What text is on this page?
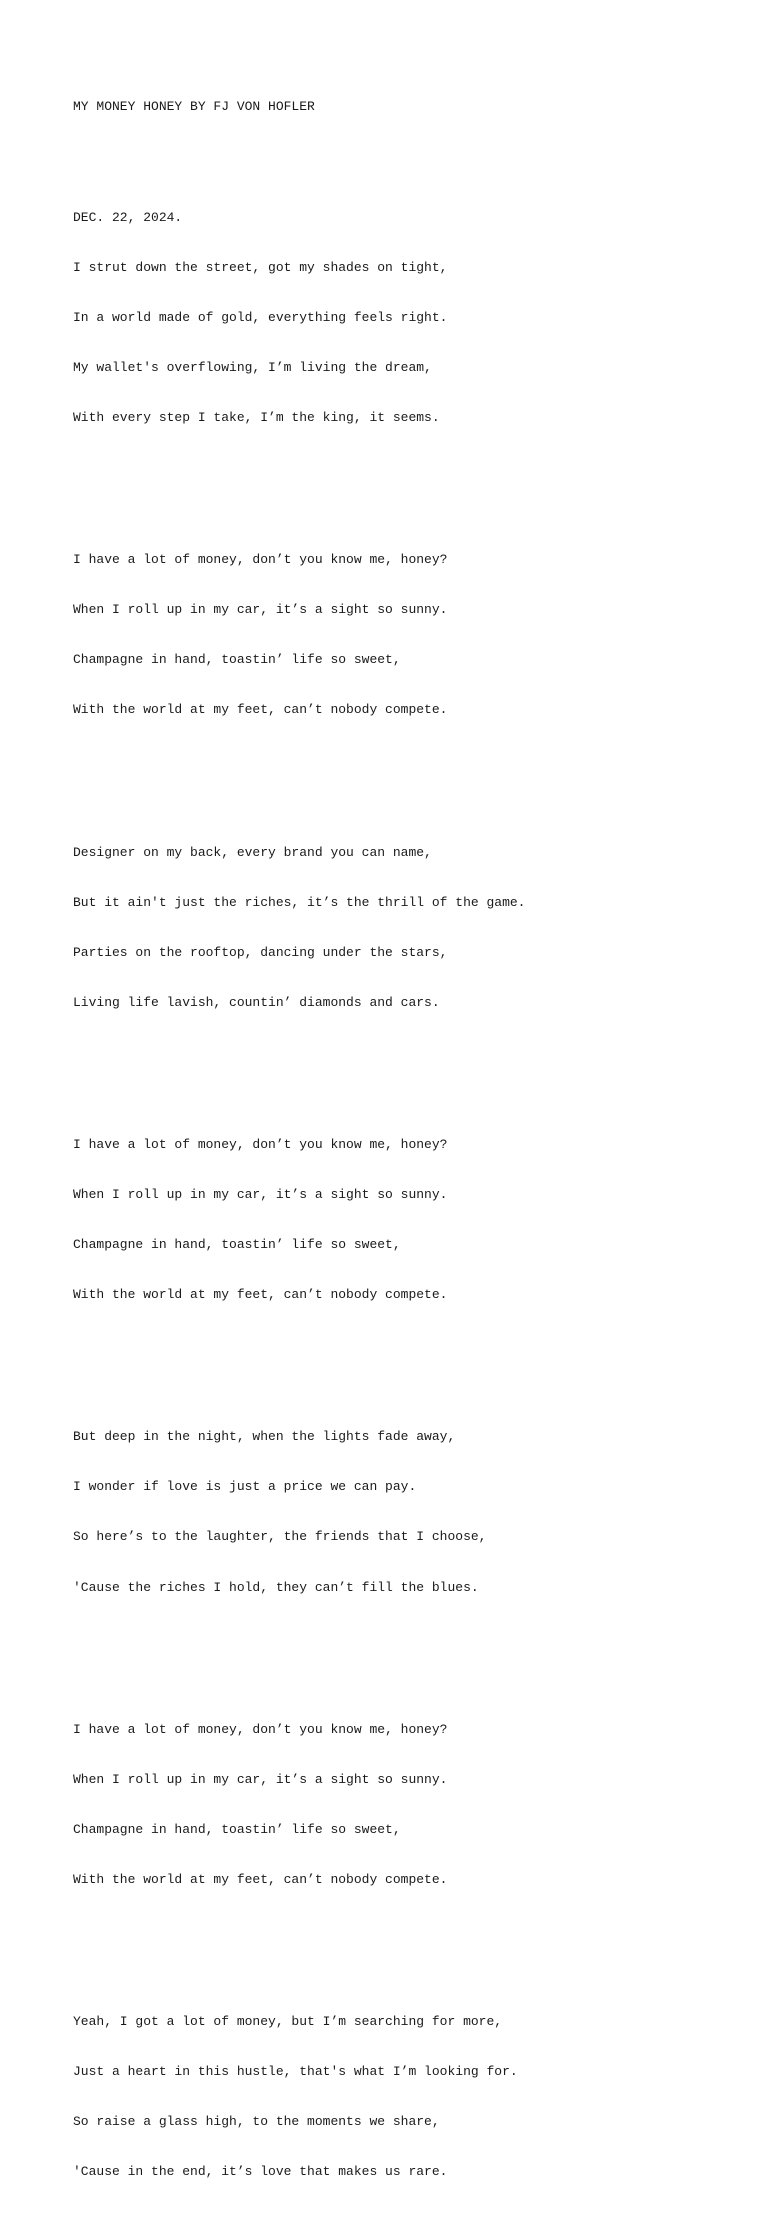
MY MONEY HONEY BY FJ VON HOFLER

DEC. 22, 2024.

I strut down the street, got my shades on tight,

In a world made of gold, everything feels right.

My wallet's overflowing, I’m living the dream,

With every step I take, I’m the king, it seems.

I have a lot of money, don’t you know me, honey?

When I roll up in my car, it’s a sight so sunny.

Champagne in hand, toastin’ life so sweet,

With the world at my feet, can’t nobody compete.

Designer on my back, every brand you can name,

But it ain't just the riches, it’s the thrill of the game.

Parties on the rooftop, dancing under the stars,

Living life lavish, countin’ diamonds and cars.

I have a lot of money, don’t you know me, honey?

When I roll up in my car, it’s a sight so sunny.

Champagne in hand, toastin’ life so sweet,

With the world at my feet, can’t nobody compete.

But deep in the night, when the lights fade away,

I wonder if love is just a price we can pay.

So here’s to the laughter, the friends that I choose,

'Cause the riches I hold, they can’t fill the blues.

I have a lot of money, don’t you know me, honey?

When I roll up in my car, it’s a sight so sunny.

Champagne in hand, toastin’ life so sweet,

With the world at my feet, can’t nobody compete.

Yeah, I got a lot of money, but I’m searching for more,

Just a heart in this hustle, that's what I’m looking for.

So raise a glass high, to the moments we share,

'Cause in the end, it’s love that makes us rare.
